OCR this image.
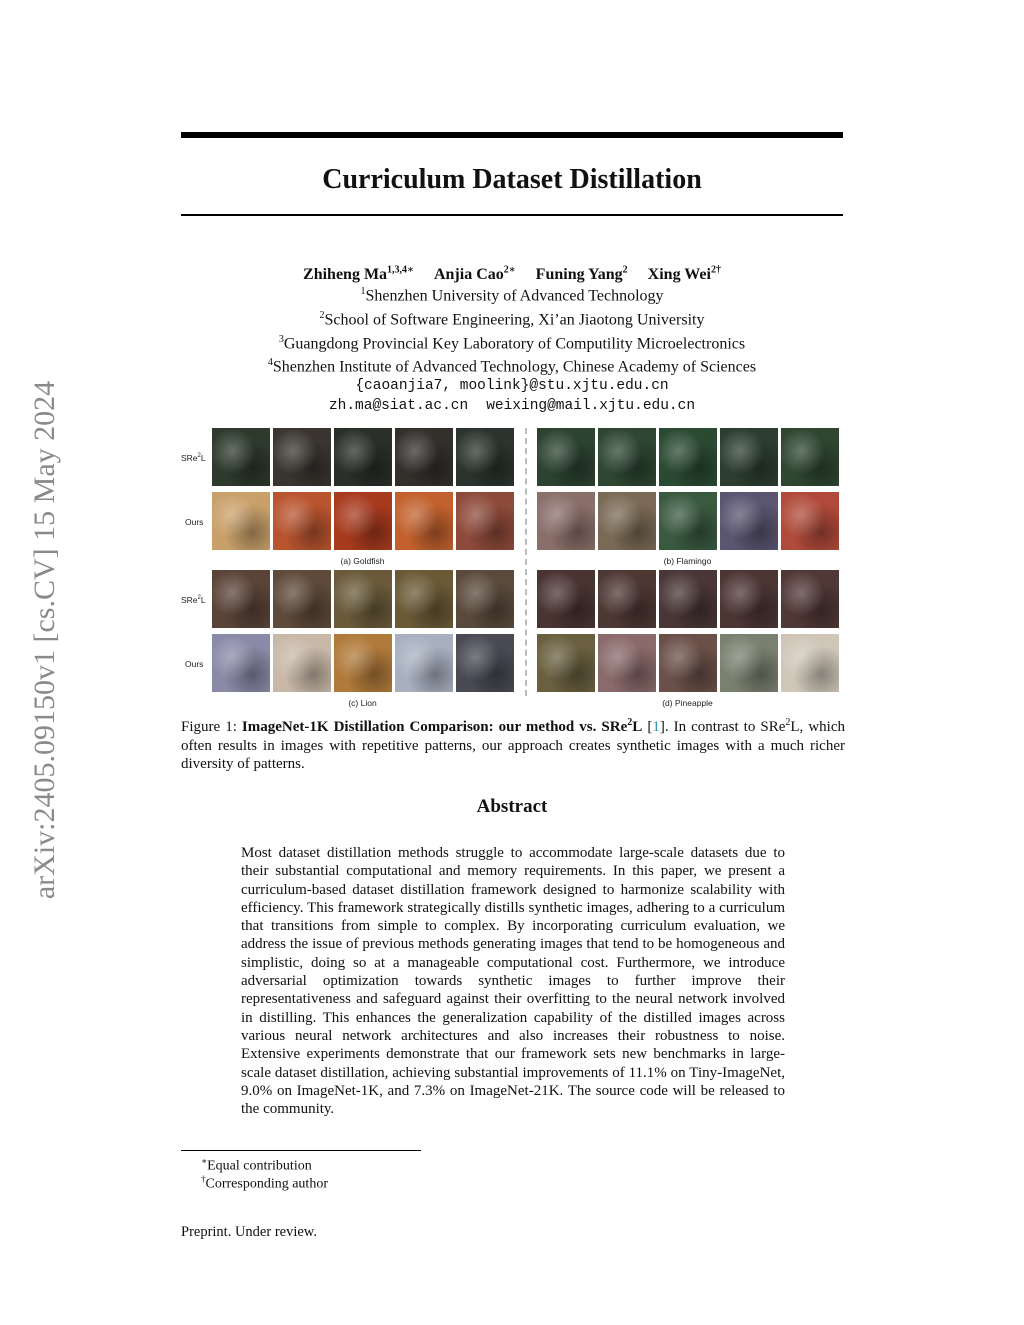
arXiv:2405.09150v1 [cs.CV] 15 May 2024
Curriculum Dataset Distillation
Zhiheng $Ma^{1,3,4∗}$ Anjia Cao$^{2∗}$ Funing Yang$^2$ Xing Wei$^{2\dagger}$
$^1$Shenzhen University of Advanced Technology
$^2$School of Software Engineering, Xi’an Jiaotong University
$^3$Guangdong Provincial Key Laboratory of Computility Microelectronics
$^4$Shenzhen Institute of Advanced Technology, Chinese Academy of Sciences
{caoanjia7, moolink}@stu.xjtu.edu.cn
zh.ma@siat.ac.cn weixing@mail.xjtu.edu.cn
(a) Goldfish	(b) Flamingo
(c) Lion	(d) Pineapple
SRe$^2$L
Ours
SRe$^2$L
Ours
Figure 1: ImageNet-1K Distillation Comparison: our method vs. SRe$^2$L [1]. In contrast to SRe$^2$L, which often results in images with repetitive patterns, our approach creates synthetic images with a much richer diversity of patterns.
Abstract
Most dataset distillation methods struggle to accommodate large-scale datasets due to their substantial computational and memory requirements. In this paper, we present a curriculum-based dataset distillation framework designed to harmonize scalability with efficiency. This framework strategically distills synthetic images, adhering to a curriculum that transitions from simple to complex. By incorporating curriculum evaluation, we address the issue of previous methods generating images that tend to be homogeneous and simplistic, doing so at a manageable computational cost. Furthermore, we introduce adversarial optimization towards synthetic images to further improve their representativeness and safeguard against their overfitting to the neural network involved in distilling. This enhances the generalization capability of the distilled images across various neural network architectures and also increases their robustness to noise. Extensive experiments demonstrate that our framework sets new benchmarks in large-scale dataset distillation, achieving substantial improvements of 11.1% on Tiny-ImageNet, 9.0% on ImageNet-1K, and 7.3% on ImageNet-21K. The source code will be released to the community.
∗Equal contribution
†Corresponding author
Preprint. Under review.
